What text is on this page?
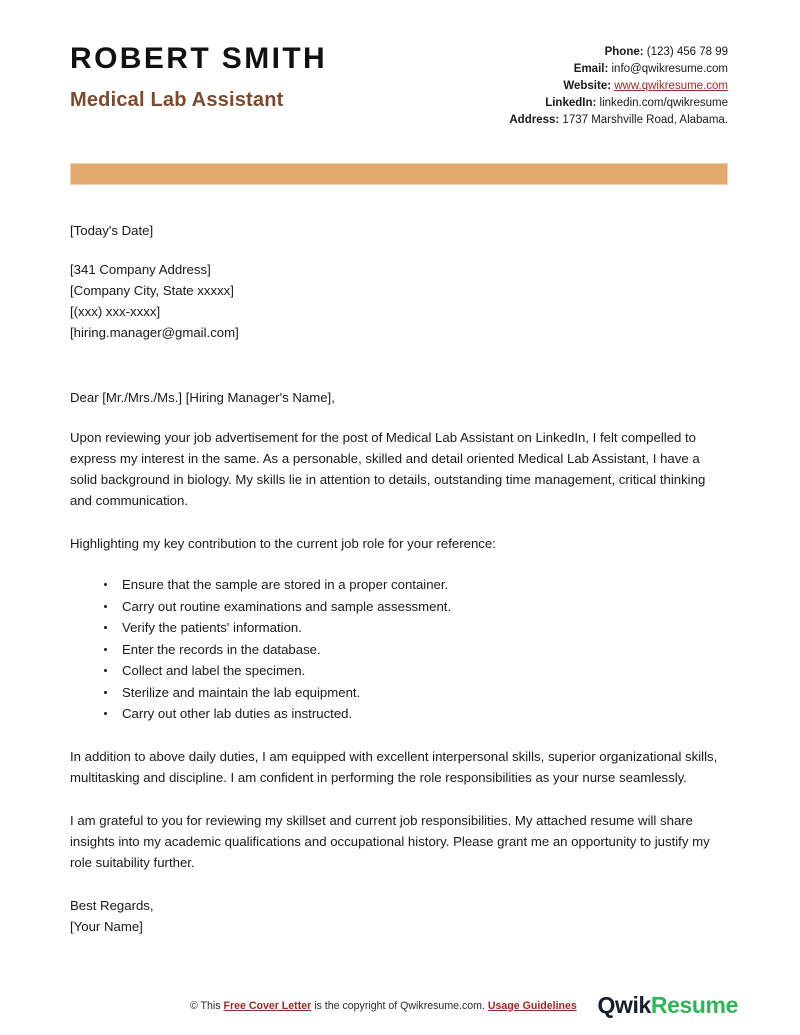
ROBERT SMITH
Medical Lab Assistant
Phone: (123) 456 78 99
Email: info@qwikresume.com
Website: www.qwikresume.com
LinkedIn: linkedin.com/qwikresume
Address: 1737 Marshville Road, Alabama.
[Today's Date]
[341 Company Address]
[Company City, State xxxxx]
[(xxx) xxx-xxxx]
[hiring.manager@gmail.com]
Dear [Mr./Mrs./Ms.] [Hiring Manager's Name],

Upon reviewing your job advertisement for the post of Medical Lab Assistant on LinkedIn, I felt compelled to express my interest in the same. As a personable, skilled and detail oriented Medical Lab Assistant, I have a solid background in biology. My skills lie in attention to details, outstanding time management, critical thinking and communication.

Highlighting my key contribution to the current job role for your reference:

Ensure that the sample are stored in a proper container.
Carry out routine examinations and sample assessment.
Verify the patients' information.
Enter the records in the database.
Collect and label the specimen.
Sterilize and maintain the lab equipment.
Carry out other lab duties as instructed.

In addition to above daily duties, I am equipped with excellent interpersonal skills, superior organizational skills, multitasking and discipline. I am confident in performing the role responsibilities as your nurse seamlessly.

I am grateful to you for reviewing my skillset and current job responsibilities. My attached resume will share insights into my academic qualifications and occupational history. Please grant me an opportunity to justify my role suitability further.

Best Regards,
[Your Name]
© This Free Cover Letter is the copyright of Qwikresume.com. Usage Guidelines QwikResume
